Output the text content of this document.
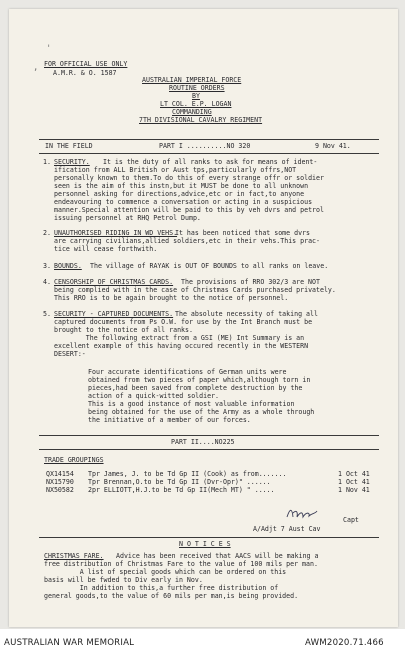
'
, FOR OFFICIAL USE ONLY
A.M.R. & O. 1587
AUSTRALIAN IMPERIAL FORCE
ROUTINE ORDERS
BY
LT COL. E.P. LOGAN
COMMANDING
7TH DIVISIONAL CAVALRY REGIMENT
IN THE FIELD	PART I ..........NO 320	9 Nov 41.
1. SECURITY. It is the duty of all ranks to ask for means of ident-
ification from ALL British or Aust tps,particularly offrs,NOT
personally known to them.To do this of every strange offr or soldier
seen is the aim of this instn,but it MUST be done to all unknown
personnel asking for directions,advice,etc or in fact,to anyone
endeavouring to commence a conversation or acting in a suspicious
manner.Special attention will be paid to this by veh dvrs and petrol
issuing personnel at RHQ Petrol Dump.
2. UNAUTHORISED RIDING IN WD VEHS.
It has been noticed that some dvrs
are carrying civilians,allied soldiers,etc in their vehs.This prac-
tice will cease forthwith.
3. BOUNDS. The village of RAYAK is OUT OF BOUNDS to all ranks on leave.
4. CENSORSHIP OF CHRISTMAS CARDS. The provisions of RRO 302/3 are NOT
being complied with in the case of Christmas Cards purchased privately.
This RRO is to be again brought to the notice of personnel.
5. SECURITY - CAPTURED DOCUMENTS. The absolute necessity of taking all
captured documents from Ps O.W. for use by the Int Branch must be
brought to the notice of all ranks.
The following extract from a GSI (ME) Int Summary is an
excellent example of this having occured recently in the WESTERN
DESERT:-
Four accurate identifications of German units were
obtained from two pieces of paper which,although torn in
pieces,had been saved from complete destruction by the
action of a quick-witted soldier.
This is a good instance of most valuable information
being obtained for the use of the Army as a whole through
the initiative of a member of our forces.
PART II....NO225
TRADE GROUPINGS
QX14154 Tpr James, J. to be Td Gp II (Cook) as from.......	1 Oct 41
NX15790 Tpr Brennan,O.to be Td Gp II (Dvr-Opr)" ......	1 Oct 41
NX50582 2pr ELLIOTT,H.J.to be Td Gp II(Mech MT) " .....	1 Nov 41
Capt
A/Adjt 7 Aust Cav
N O T I C E S
CHRISTMAS FARE. Advice has been received that AACS will be making a
free distribution of Christmas Fare to the value of 100 mils per man.
A list of special goods which can be ordered on this
basis will be fwded to Div early in Nov.
In addition to this,a further free distribution of
general goods,to the value of 60 mils per man,is being provided.
AUSTRALIAN WAR MEMORIAL	AWM2020.71.466
